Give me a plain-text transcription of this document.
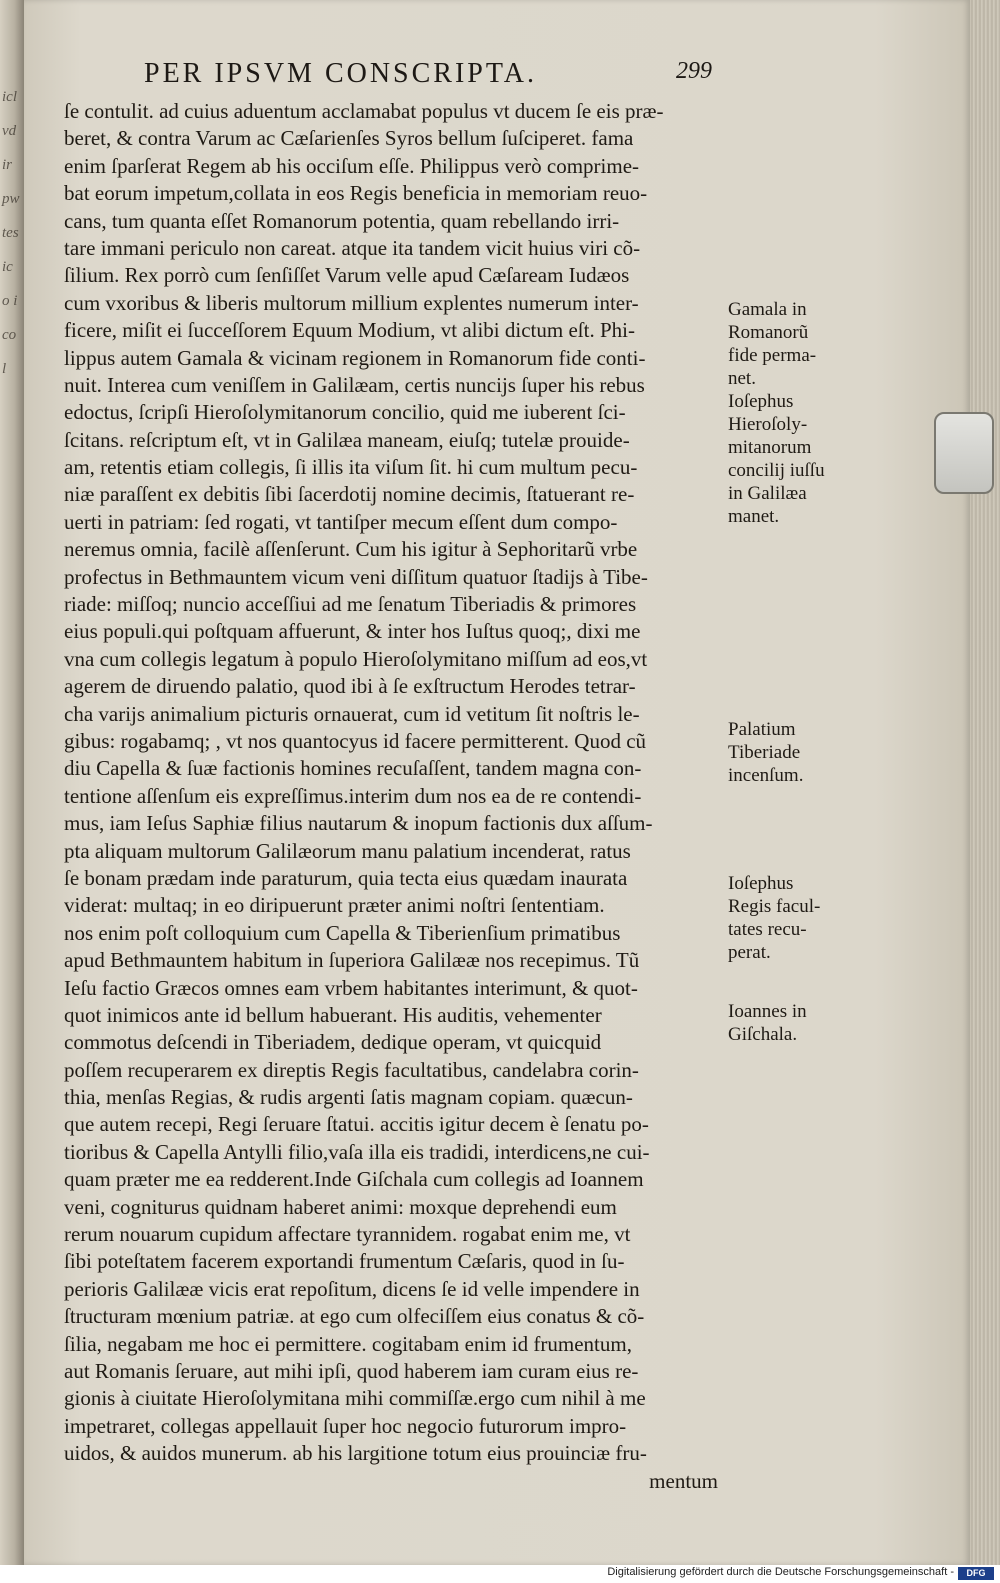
icl vdir pw tes ico icol
PER IPSVM CONSCRIPTA.	299
ſe contulit. ad cuius aduentum acclamabat populus vt ducem ſe eis præ-
beret, & contra Varum ac Cæſarienſes Syros bellum ſuſciperet. fama
enim ſparſerat Regem ab his occiſum eſſe. Philippus verò comprime-
bat eorum impetum,collata in eos Regis beneficia in memoriam reuo-
cans, tum quanta eſſet Romanorum potentia, quam rebellando irri-
tare immani periculo non careat. atque ita tandem vicit huius viri cõ-
ſilium. Rex porrò cum ſenſiſſet Varum velle apud Cæſaream Iudæos
cum vxoribus & liberis multorum millium explentes numerum inter-
ficere, miſit ei ſucceſſorem Equum Modium, vt alibi dictum eſt. Phi-
lippus autem Gamala & vicinam regionem in Romanorum fide conti-
nuit. Interea cum veniſſem in Galilæam, certis nuncijs ſuper his rebus
edoctus, ſcripſi Hieroſolymitanorum concilio, quid me iuberent ſci-
ſcitans. reſcriptum eſt, vt in Galilæa maneam, eiuſq; tutelæ prouide-
am, retentis etiam collegis, ſi illis ita viſum ſit. hi cum multum pecu-
niæ paraſſent ex debitis ſibi ſacerdotij nomine decimis, ſtatuerant re-
uerti in patriam: ſed rogati, vt tantiſper mecum eſſent dum compo-
neremus omnia, facilè aſſenſerunt. Cum his igitur à Sephoritarũ vrbe
profectus in Bethmauntem vicum veni diſſitum quatuor ſtadijs à Tibe-
riade: miſſoq; nuncio acceſſiui ad me ſenatum Tiberiadis & primores
eius populi.qui poſtquam affuerunt, & inter hos Iuſtus quoq;, dixi me
vna cum collegis legatum à populo Hieroſolymitano miſſum ad eos,vt
agerem de diruendo palatio, quod ibi à ſe exſtructum Herodes tetrar-
cha varijs animalium picturis ornauerat, cum id vetitum ſit noſtris le-
gibus: rogabamq; , vt nos quantocyus id facere permitterent. Quod cũ
diu Capella & ſuæ factionis homines recuſaſſent, tandem magna con-
tentione aſſenſum eis expreſſimus.interim dum nos ea de re contendi-
mus, iam Ieſus Saphiæ filius nautarum & inopum factionis dux aſſum-
pta aliquam multorum Galilæorum manu palatium incenderat, ratus
ſe bonam prædam inde paraturum, quia tecta eius quædam inaurata
viderat: multaq; in eo diripuerunt præter animi noſtri ſententiam.
nos enim poſt colloquium cum Capella & Tiberienſium primatibus
apud Bethmauntem habitum in ſuperiora Galilææ nos recepimus. Tũ
Ieſu factio Græcos omnes eam vrbem habitantes interimunt, & quot-
quot inimicos ante id bellum habuerant. His auditis, vehementer
commotus deſcendi in Tiberiadem, dedique operam, vt quicquid
poſſem recuperarem ex direptis Regis facultatibus, candelabra corin-
thia, menſas Regias, & rudis argenti ſatis magnam copiam. quæcun-
que autem recepi, Regi ſeruare ſtatui. accitis igitur decem è ſenatu po-
tioribus & Capella Antylli filio,vaſa illa eis tradidi, interdicens,ne cui-
quam præter me ea redderent.Inde Giſchala cum collegis ad Ioannem
veni, cogniturus quidnam haberet animi: moxque deprehendi eum
rerum nouarum cupidum affectare tyrannidem. rogabat enim me, vt
ſibi poteſtatem facerem exportandi frumentum Cæſaris, quod in ſu-
perioris Galilææ vicis erat repoſitum, dicens ſe id velle impendere in
ſtructuram mœnium patriæ. at ego cum olfeciſſem eius conatus & cõ-
ſilia, negabam me hoc ei permittere. cogitabam enim id frumentum,
aut Romanis ſeruare, aut mihi ipſi, quod haberem iam curam eius re-
gionis à ciuitate Hieroſolymitana mihi commiſſæ.ergo cum nihil à me
impetraret, collegas appellauit ſuper hoc negocio futurorum impro-
uidos, & auidos munerum. ab his largitione totum eius prouinciæ fru-
mentum
Gamala in
Romanorũ
fide perma-
net.
Ioſephus
Hieroſoly-
mitanorum
concilij iuſſu
in Galilæa
manet.
Palatium
Tiberiade
incenſum.
Ioſephus
Regis facul-
tates recu-
perat.
Ioannes in
Giſchala.
Digitalisierung gefördert durch die Deutsche Forschungsgemeinschaft -	DFG
